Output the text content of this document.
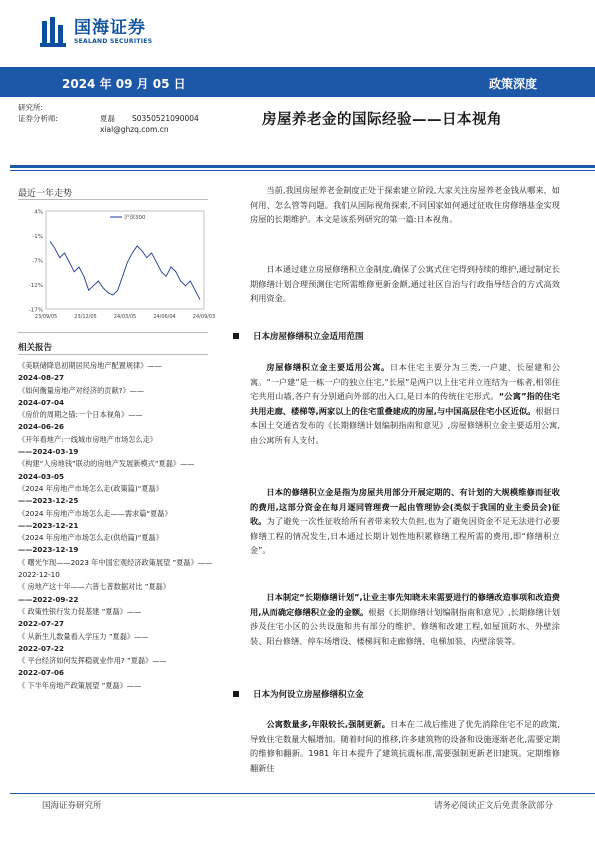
国海证券
SEALAND SECURITIES
2024 年 09 月 05 日	政策深度
研究所:
证券分析师:	夏磊	S0350521090004
xial@ghzq.com.cn
房屋养老金的国际经验——日本视角
最近一年走势
4%
-1%
-7%
-12%
-17%
23/09/05	23/12/05	24/03/05	24/06/04	24/09/03
沪深300
相关报告
《美联储降息初期居民房地产配置规律》——
2024-08-27
《如何衡量房地产对经济的贡献?》——
2024-07-04
《房价的周期之锚:一个日本视角》——
2024-06-26
《开年看地产:一线城市房地产市场怎么走》
——2024-03-19
《构建“人房地钱”联动的房地产发展新模式”夏磊》——
2024-03-05
《2024 年房地产市场怎么走(政策篇)“夏磊》
——2023-12-25
《2024 年房地产市场怎么走——需求篇“夏磊》
——2023-12-21
《2024 年房地产市场怎么走(供给篇)“夏磊》
——2023-12-19
《 曙光乍现——2023 年中国宏观经济政策展望 ”夏磊》——2022-12-10
《 房地产这十年——六普七普数据对比 ”夏磊》
——2022-09-22
《 政策性银行发力促基建 ”夏磊》——
2022-07-27
《 从新生儿数量看入学压力 ”夏磊》——
2022-07-22
《 平台经济如何发挥稳就业作用? ”夏磊》——
2022-07-06
《 下半年房地产政策展望 ”夏磊》——

当前,我国房屋养老金制度正处于探索建立阶段,大家关注房屋养老金钱从哪来、如何用、怎么管等问题。我们从国际视角探索,不同国家如何通过征收住房修缮基金实现房屋的长期维护。本文是该系列研究的第一篇:日本视角。

日本通过建立房屋修缮积立金制度,确保了公寓式住宅得到持续的维护,通过制定长期修缮计划合理预测住宅所需维修更新金额,通过社区自治与行政指导结合的方式高效利用资金。

日本房屋修缮积立金适用范围

房屋修缮积立金主要适用公寓。日本住宅主要分为三类,一户建、长屋建和公寓。“一户建”是一栋一户的独立住宅,“长屋”是两户以上住宅并立连结为一栋者,相邻住宅共用山墙,各户有分别通向外部的出入口,是日本的传统住宅形式。“公寓”指的住宅共用走廊、楼梯等,两家以上的住宅重叠建成的房屋,与中国高层住宅小区近似。根据日本国土交通省发布的《长期修缮计划编制指南和意见》,房屋修缮积立金主要适用公寓,由公寓所有人支付。

日本的修缮积立金是指为房屋共用部分开展定期的、有计划的大规模维修而征收的费用,这部分资金在每月逐同管理费一起由管理协会(类似于我国的业主委员会)征收。为了避免一次性征收给所有者带来较大负担,也为了避免因资金不足无法进行必要修缮工程的情况发生,日本通过长期计划性地积累修缮工程所需的费用,即“修缮积立金”。

日本制定“长期修缮计划”,让业主事先知晓未来需要进行的修缮改造事项和改造费用,从而确定修缮积立金的金额。根据《长期修缮计划编制指南和意见》,长期修缮计划涉及住宅小区的公共设施和共有部分的维护、修缮和改建工程,如屋顶防水、外壁涂装、阳台修缮、停车场增设、楼梯间和走廊修缮、电梯加装、内壁涂装等。

日本为何设立房屋修缮积立金

公寓数量多,年限较长,强制更新。日本在二战后推进了优先消除住宅不足的政策,导致住宅数量大幅增加。随着时间的推移,许多建筑物的设备和设施逐渐老化,需要定期的维修和翻新。1981 年日本提升了建筑抗震标准,需要强制更新老旧建筑。定期维修翻新住

国海证券研究所	请务必阅读正文后免责条款部分
